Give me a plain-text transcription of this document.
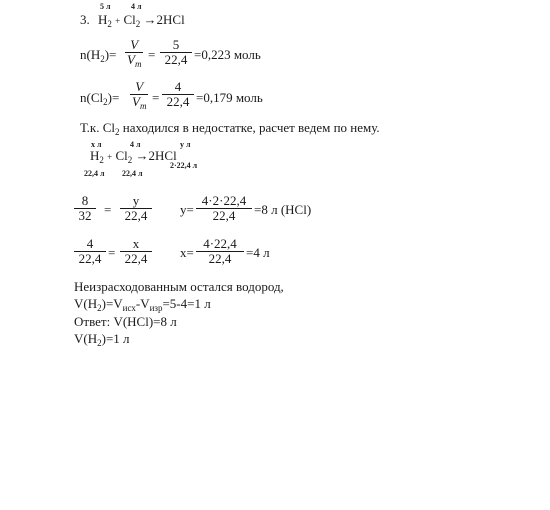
3.
5 л	4 л
$H_2 + Cl_2 \to 2HCl$
$n(H_2)= \frac{V}{V_m} = \frac{5}{22,4} =0,223$ моль
$n(Cl_2)= \frac{V}{V_m} = \frac{4}{22,4} =0,179$ моль
Т.к. $Cl_2$ находился в недостатке, расчет ведем по нему.
x л	4 л	y л
$H_2 + Cl_2 \to 2HCl$
22,4 л 22,4 л
2·22,4 л
$\frac{8}{32} = \frac{y}{22,4} y= \frac{4\cdot 2\cdot 22,4}{22,4} =8$ л (HCl)
$\frac{4}{22,4} = \frac{x}{22,4} x= \frac{4\cdot 22,4}{22,4} =4$ л
Неизрасходованным остался водород,
$V(H_2)=V_{исх}-V_{изр}=5-4=1$ л
Ответ: V(HCl)=8 л
$V(H_2)=1$ л
